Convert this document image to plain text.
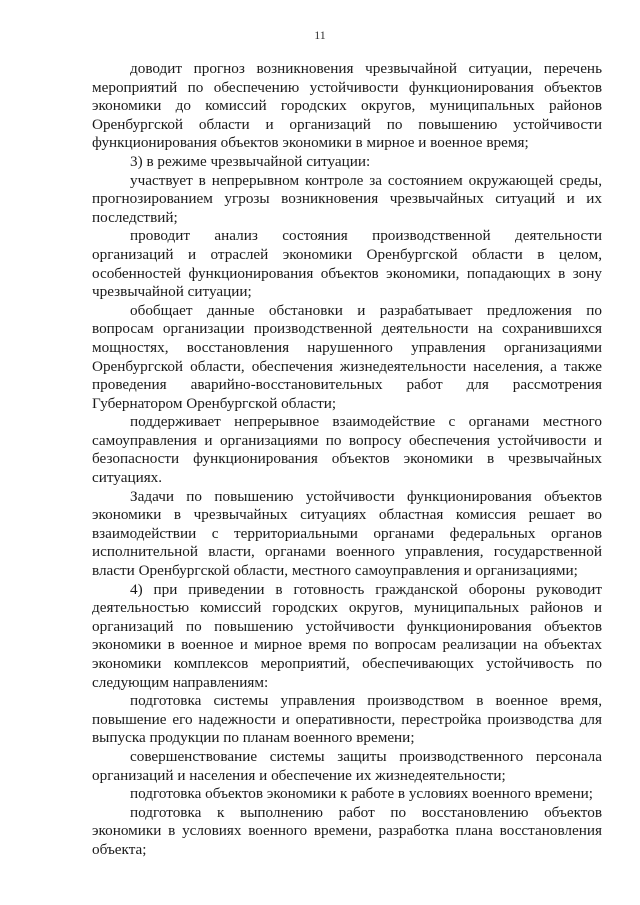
11

доводит прогноз возникновения чрезвычайной ситуации, перечень мероприятий по обеспечению устойчивости функционирования объектов экономики до комиссий городских округов, муниципальных районов Оренбургской области и организаций по повышению устойчивости функционирования объектов экономики в мирное и военное время;

3) в режиме чрезвычайной ситуации:

участвует в непрерывном контроле за состоянием окружающей среды, прогнозированием угрозы возникновения чрезвычайных ситуаций и их последствий;

проводит анализ состояния производственной деятельности организаций и отраслей экономики Оренбургской области в целом, особенностей функционирования объектов экономики, попадающих в зону чрезвычайной ситуации;

обобщает данные обстановки и разрабатывает предложения по вопросам организации производственной деятельности на сохранившихся мощностях, восстановления нарушенного управления организациями Оренбургской области, обеспечения жизнедеятельности населения, а также проведения аварийно-восстановительных работ для рассмотрения Губернатором Оренбургской области;

поддерживает непрерывное взаимодействие с органами местного самоуправления и организациями по вопросу обеспечения устойчивости и безопасности функционирования объектов экономики в чрезвычайных ситуациях.

Задачи по повышению устойчивости функционирования объектов экономики в чрезвычайных ситуациях областная комиссия решает во взаимодействии с территориальными органами федеральных органов исполнительной власти, органами военного управления, государственной власти Оренбургской области, местного самоуправления и организациями;

4) при приведении в готовность гражданской обороны руководит деятельностью комиссий городских округов, муниципальных районов и организаций по повышению устойчивости функционирования объектов экономики в военное и мирное время по вопросам реализации на объектах экономики комплексов мероприятий, обеспечивающих устойчивость по следующим направлениям:

подготовка системы управления производством в военное время, повышение его надежности и оперативности, перестройка производства для выпуска продукции по планам военного времени;

совершенствование системы защиты производственного персонала организаций и населения и обеспечение их жизнедеятельности;

подготовка объектов экономики к работе в условиях военного времени;

подготовка к выполнению работ по восстановлению объектов экономики в условиях военного времени, разработка плана восстановления объекта;
